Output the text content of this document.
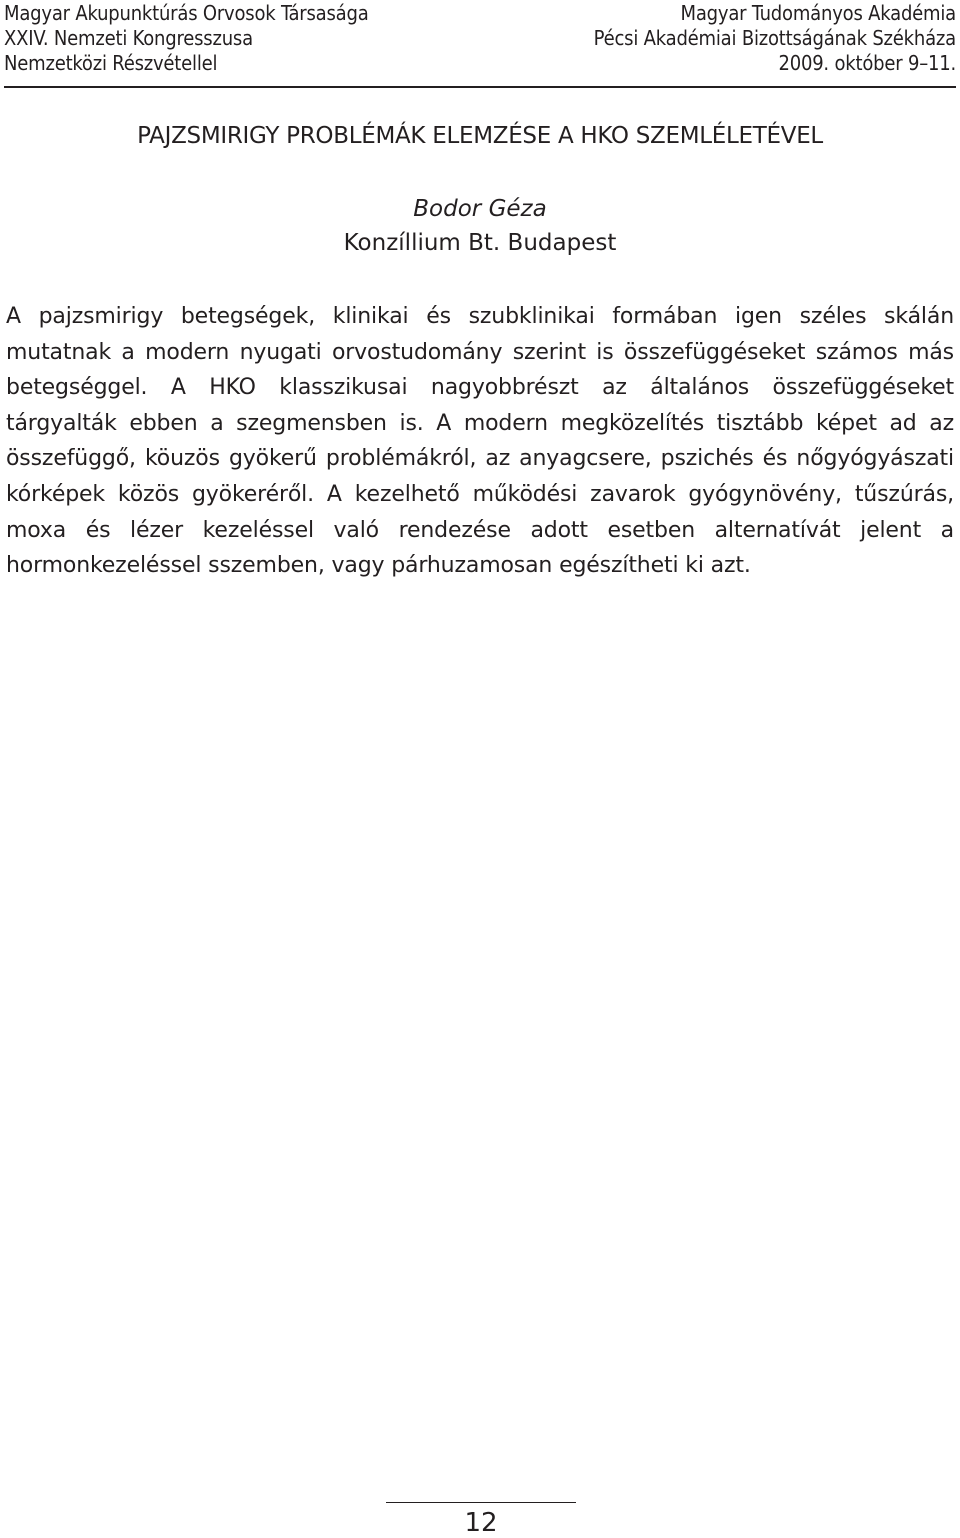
Magyar Akupunktúrás Orvosok Társasága
XXIV. Nemzeti Kongresszusa
Nemzetközi Részvétellel
Magyar Tudományos Akadémia
Pécsi Akadémiai Bizottságának Székháza
2009. október 9–11.
PAJZSMIRIGY PROBLÉMÁK ELEMZÉSE A HKO SZEMLÉLETÉVEL
Bodor Géza
Konzíllium Bt. Budapest

A pajzsmirigy betegségek, klinikai és szubklinikai formában igen széles skálán mutatnak a modern nyugati orvostudomány szerint is összefüggéseket számos más betegséggel. A HKO klasszikusai nagyobbrészt az általános összefüggéseket tárgyalták ebben a szegmensben is. A modern megközelítés tisztább képet ad az összefüggő, köuzös gyökerű problémákról, az anyagcsere, pszichés és nőgyógyászati kórképek közös gyökeréről. A kezelhető működési zavarok gyógynövény, tűszúrás, moxa és lézer kezeléssel való rendezése adott esetben alternatívát jelent a hormonkezeléssel sszemben, vagy párhuzamosan egészítheti ki azt.

12
